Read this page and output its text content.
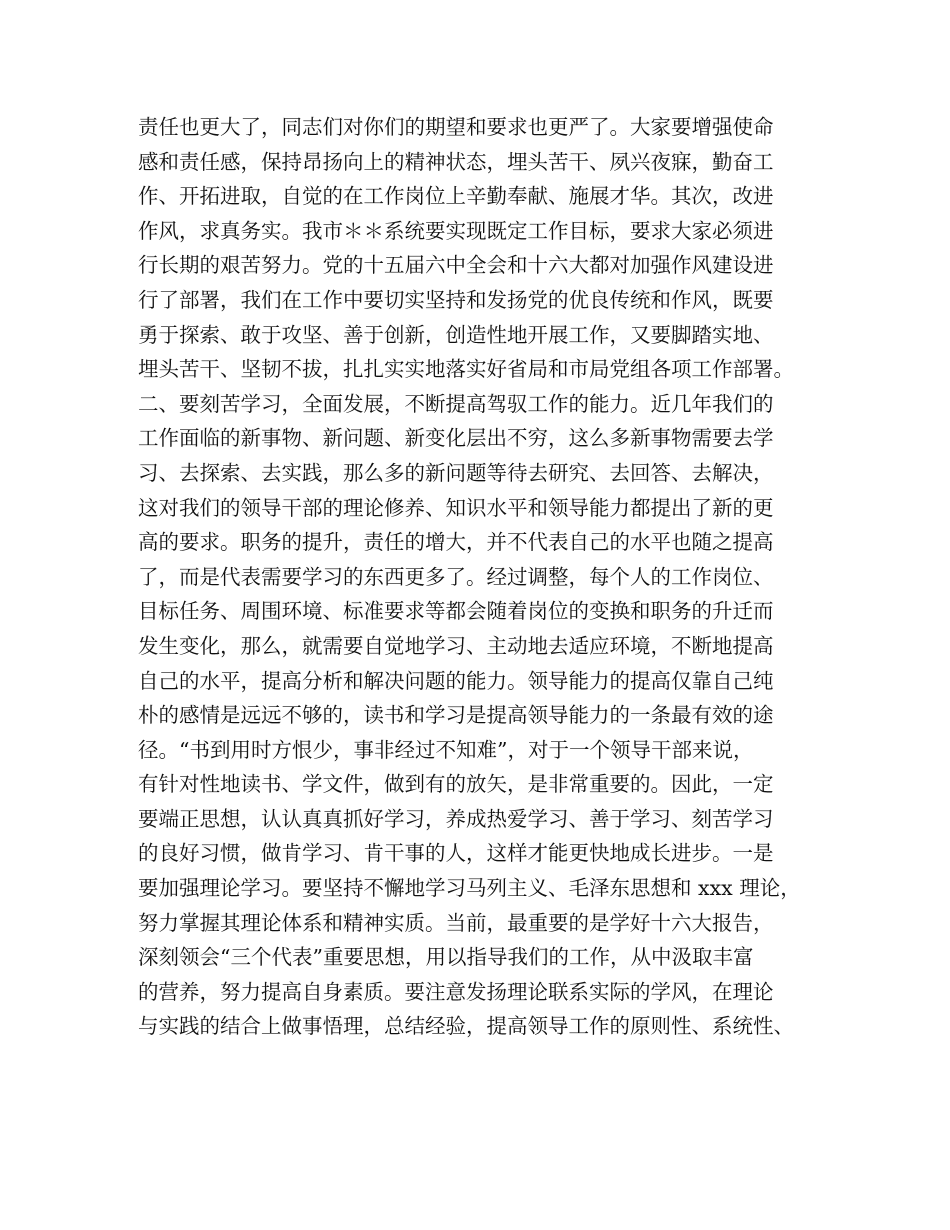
责任也更大了，同志们对你们的期望和要求也更严了。大家要增强使命
感和责任感，保持昂扬向上的精神状态，埋头苦干、夙兴夜寐，勤奋工
作、开拓进取，自觉的在工作岗位上辛勤奉献、施展才华。其次，改进
作风，求真务实。我市＊＊系统要实现既定工作目标，要求大家必须进
行长期的艰苦努力。党的十五届六中全会和十六大都对加强作风建设进
行了部署，我们在工作中要切实坚持和发扬党的优良传统和作风，既要
勇于探索、敢于攻坚、善于创新，创造性地开展工作，又要脚踏实地、
埋头苦干、坚韧不拔，扎扎实实地落实好省局和市局党组各项工作部署。
二、要刻苦学习，全面发展，不断提高驾驭工作的能力。近几年我们的
工作面临的新事物、新问题、新变化层出不穷，这么多新事物需要去学
习、去探索、去实践，那么多的新问题等待去研究、去回答、去解决，
这对我们的领导干部的理论修养、知识水平和领导能力都提出了新的更
高的要求。职务的提升，责任的增大，并不代表自己的水平也随之提高
了，而是代表需要学习的东西更多了。经过调整，每个人的工作岗位、
目标任务、周围环境、标准要求等都会随着岗位的变换和职务的升迁而
发生变化，那么，就需要自觉地学习、主动地去适应环境，不断地提高
自己的水平，提高分析和解决问题的能力。领导能力的提高仅靠自己纯
朴的感情是远远不够的，读书和学习是提高领导能力的一条最有效的途
径。“书到用时方恨少，事非经过不知难”，对于一个领导干部来说，
有针对性地读书、学文件，做到有的放矢，是非常重要的。因此，一定
要端正思想，认认真真抓好学习，养成热爱学习、善于学习、刻苦学习
的良好习惯，做肯学习、肯干事的人，这样才能更快地成长进步。一是
要加强理论学习。要坚持不懈地学习马列主义、毛泽东思想和 xxx 理论，
努力掌握其理论体系和精神实质。当前，最重要的是学好十六大报告，
深刻领会“三个代表”重要思想，用以指导我们的工作，从中汲取丰富
的营养，努力提高自身素质。要注意发扬理论联系实际的学风，在理论
与实践的结合上做事悟理，总结经验，提高领导工作的原则性、系统性、
